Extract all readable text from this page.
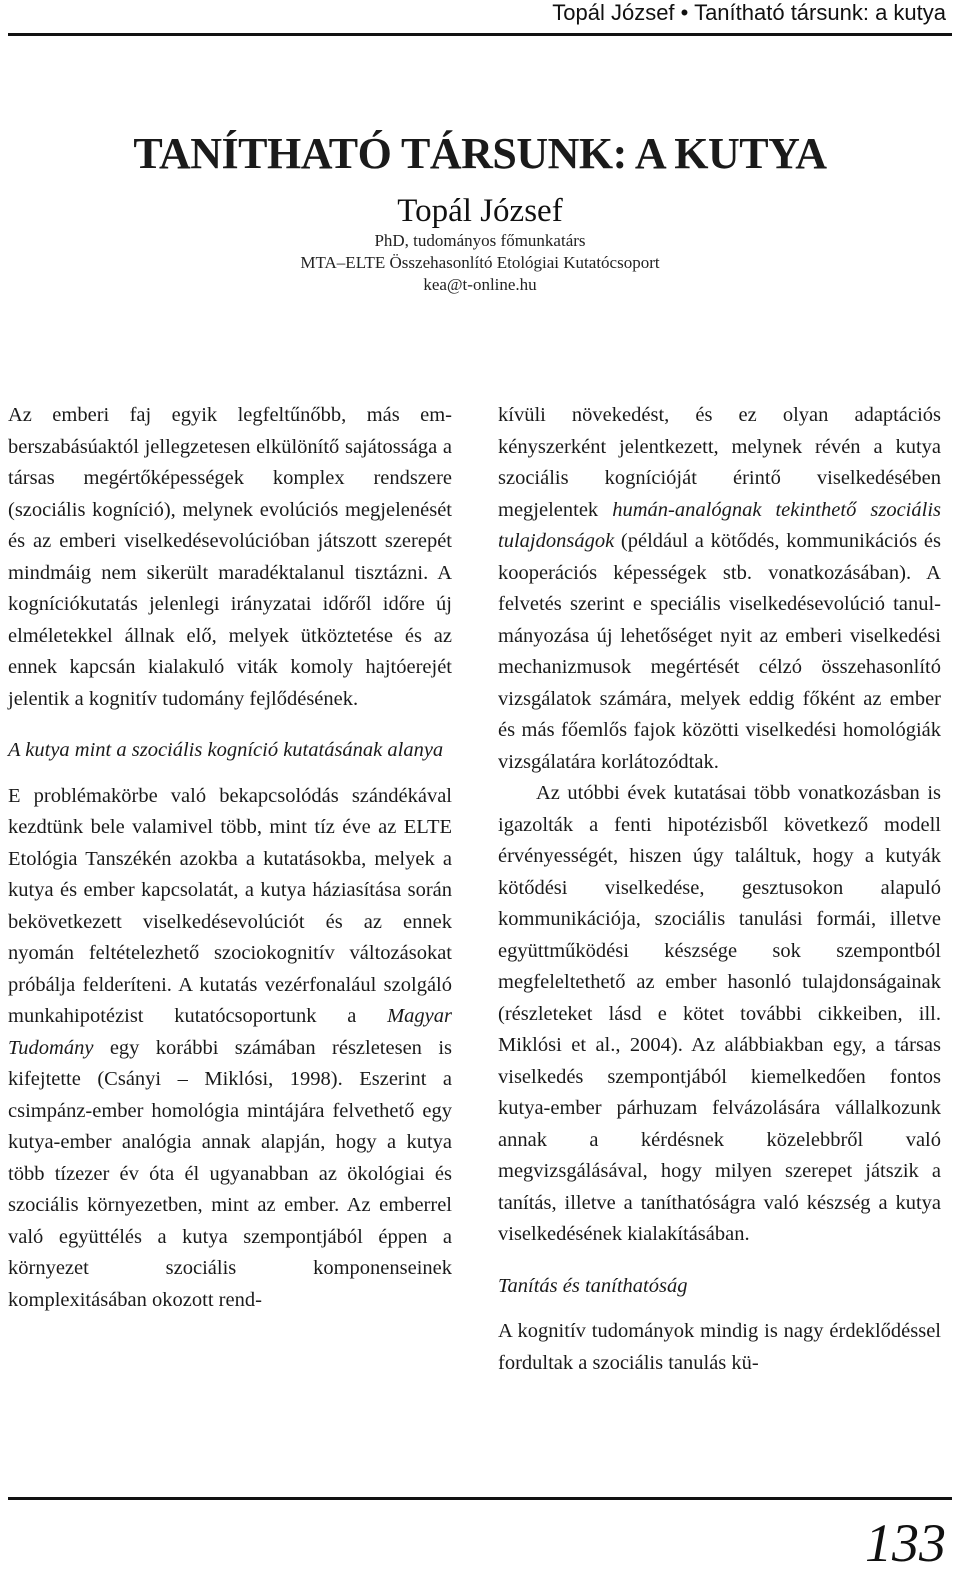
Topál József • Tanítható társunk: a kutya
TANÍTHATÓ TÁRSUNK: A KUTYA
Topál József
PhD, tudományos főmunkatárs
MTA–ELTE Összehasonlító Etológiai Kutatócsoport
kea@t-online.hu

Az emberi faj egyik legfeltűnőbb, más emberszabásúaktól jellegzetesen elkülönítő sajátossága a társas megértőképességek komplex rendszere (szociális kogníció), melynek evolúciós megjelenését és az emberi viselkedésevolúcióban játszott szerepét mindmáig nem sikerült maradéktalanul tisztázni. A kogníciókutatás jelenlegi irányzatai időről időre új elméletekkel állnak elő, melyek ütköztetése és az ennek kapcsán kialakuló viták komoly hajtóerejét jelentik a kognitív tudomány fejlődésének.

A kutya mint a szociális kogníció kutatásának alanya

E problémakörbe való bekapcsolódás szándékával kezdtünk bele valamivel több, mint tíz éve az ELTE Etológia Tanszékén azokba a kutatásokba, melyek a kutya és ember kapcsolatát, a kutya háziasítása során bekövetkezett viselkedésevolúciót és az ennek nyomán feltételezhető szociokognitív változásokat próbálja felderíteni. A kutatás vezérfonalául szolgáló munkahipotézist kutatócsoportunk a Magyar Tudomány egy korábbi számában részletesen is kifejtette (Csányi – Miklósi, 1998). Eszerint a csimpánz-ember homológia mintájára felvethető egy kutya-ember analógia annak alapján, hogy a kutya több tízezer év óta él ugyanabban az ökológiai és szociális környezetben, mint az ember. Az emberrel való együttélés a kutya szempontjából éppen a környezet szociális komponenseinek komplexitásában okozott rend-

kívüli növekedést, és ez olyan adaptációs kényszerként jelentkezett, melynek révén a kutya szociális kognícióját érintő viselkedésében megjelentek humán-analógnak tekinthető szociális tulajdonságok (például a kötődés, kommunikációs és kooperációs képességek stb. vonatkozásában). A felvetés szerint e speciális viselkedésevolúció tanulmányozása új lehetőséget nyit az emberi viselkedési mechanizmusok megértését célzó összehasonlító vizsgálatok számára, melyek eddig főként az ember és más főemlős fajok közötti viselkedési homológiák vizsgálatára korlátozódtak.

Az utóbbi évek kutatásai több vonatkozásban is igazolták a fenti hipotézisből következő modell érvényességét, hiszen úgy találtuk, hogy a kutyák kötődési viselkedése, gesztusokon alapuló kommunikációja, szociális tanulási formái, illetve együttműködési készsége sok szempontból megfeleltethető az ember hasonló tulajdonságainak (részleteket lásd e kötet további cikkeiben, ill. Miklósi et al., 2004). Az alábbiakban egy, a társas viselkedés szempontjából kiemelkedően fontos kutya-ember párhuzam felvázolására vállalkozunk annak a kérdésnek közelebbről való megvizsgálásával, hogy milyen szerepet játszik a tanítás, illetve a taníthatóságra való készség a kutya viselkedésének kialakításában.

Tanítás és taníthatóság

A kognitív tudományok mindig is nagy érdeklődéssel fordultak a szociális tanulás kü-

133
